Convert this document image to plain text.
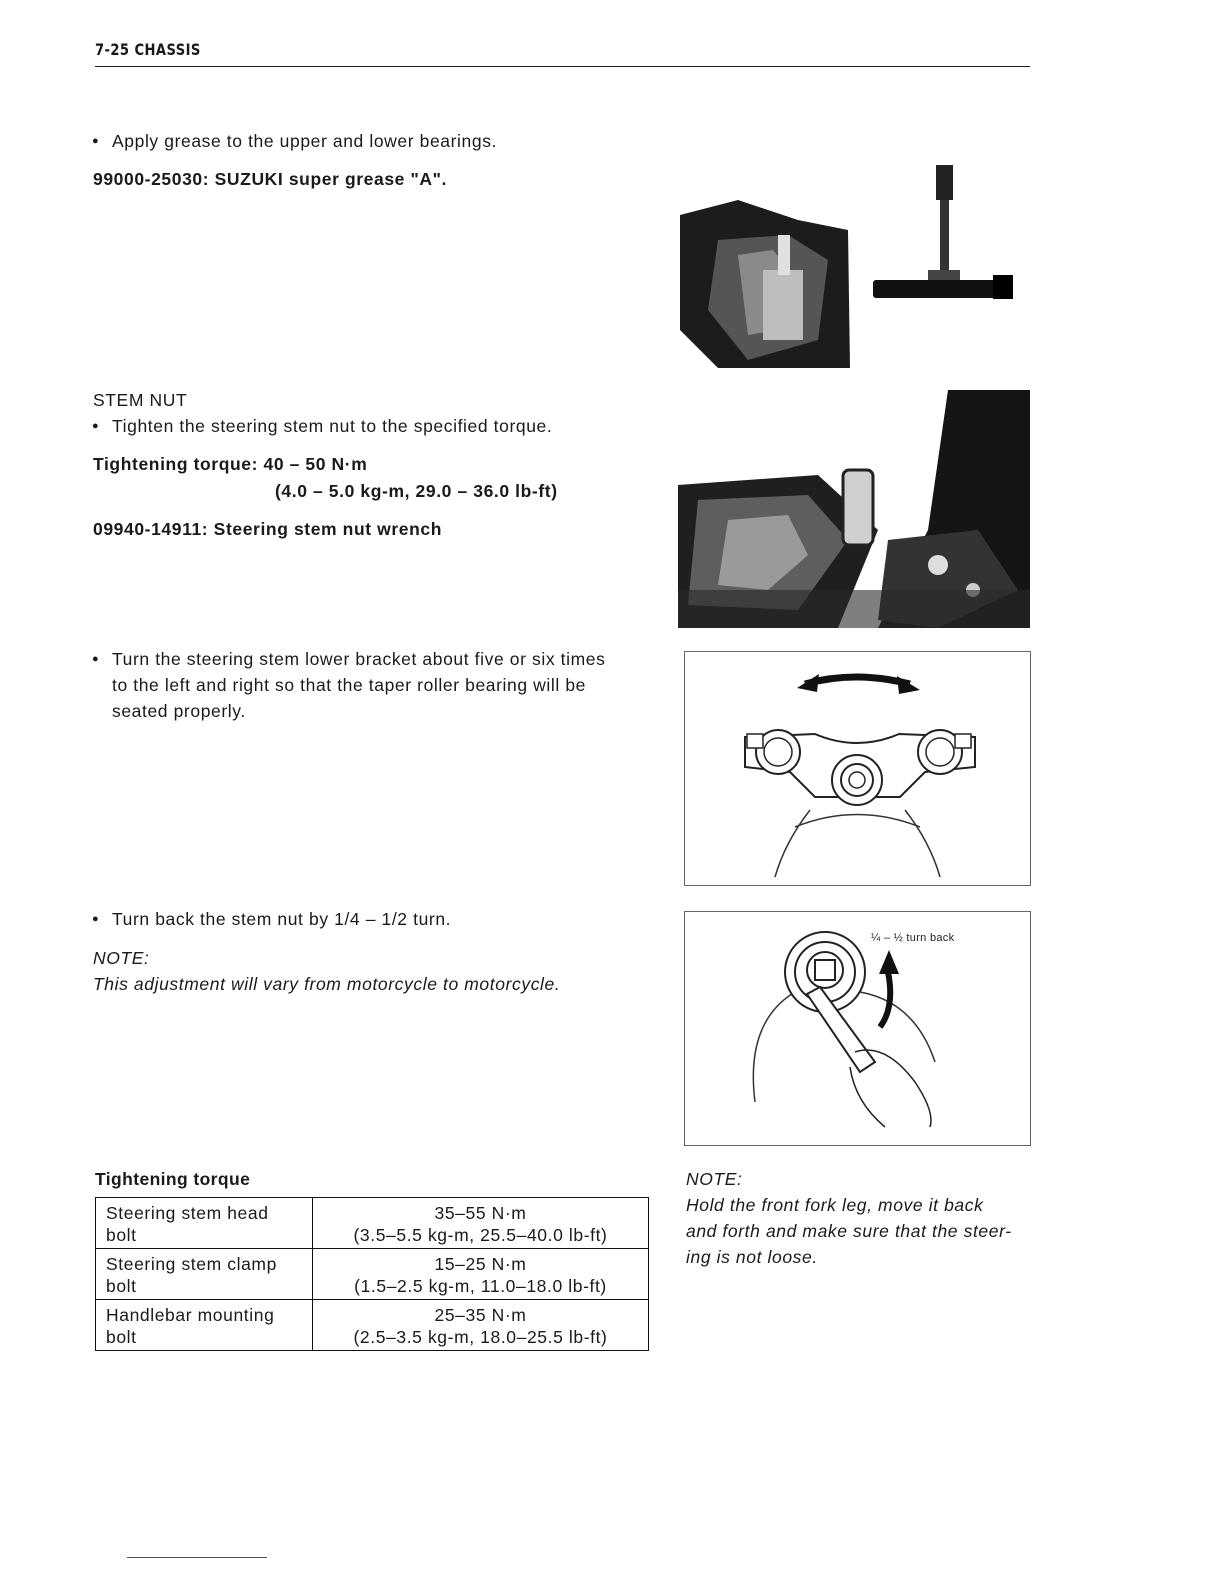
7-25 CHASSIS
● Apply grease to the upper and lower bearings.
99000-25030: SUZUKI super grease "A".
STEM NUT
● Tighten the steering stem nut to the specified torque.
Tightening torque: 40 – 50 N·m
(4.0 – 5.0 kg-m, 29.0 – 36.0 lb-ft)
09940-14911: Steering stem nut wrench
● Turn the steering stem lower bracket about five or six times
to the left and right so that the taper roller bearing will be
seated properly.
● Turn back the stem nut by 1/4 – 1/2 turn.
NOTE:
This adjustment will vary from motorcycle to motorcycle.
¼ – ½ turn back
Tightening torque
Steering stem head
bolt	35–55 N·m
(3.5–5.5 kg-m, 25.5–40.0 lb-ft)
Steering stem clamp
bolt	15–25 N·m
(1.5–2.5 kg-m, 11.0–18.0 lb-ft)
Handlebar mounting
bolt	25–35 N·m
(2.5–3.5 kg-m, 18.0–25.5 lb-ft)
NOTE:
Hold the front fork leg, move it back
and forth and make sure that the steer-
ing is not loose.
